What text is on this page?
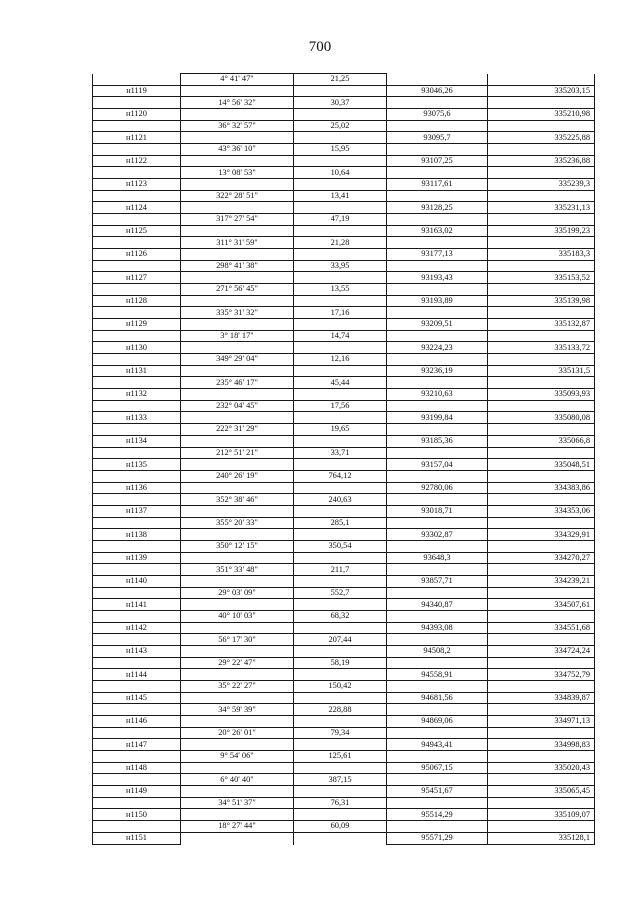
700
	4° 41' 47"	21,25		
н1119			93046,26	335203,15
	14° 56' 32"	30,37		
н1120			93075,6	335210,98
	36° 32' 57"	25,02		
н1121			93095,7	335225,88
	43° 36' 10"	15,95		
н1122			93107,25	335236,88
	13° 08' 53"	10,64		
н1123			93117,61	335239,3
	322° 28' 51"	13,41		
н1124			93128,25	335231,13
	317° 27' 54"	47,19		
н1125			93163,02	335199,23
	311° 31' 59"	21,28		
н1126			93177,13	335183,3
	298° 41' 38"	33,95		
н1127			93193,43	335153,52
	271° 56' 45"	13,55		
н1128			93193,89	335139,98
	335° 31' 32"	17,16		
н1129			93209,51	335132,87
	3° 18' 17"	14,74		
н1130			93224,23	335133,72
	349° 29' 04"	12,16		
н1131			93236,19	335131,5
	235° 46' 17"	45,44		
н1132			93210,63	335093,93
	232° 04' 45"	17,56		
н1133			93199,84	335080,08
	222° 31' 29"	19,65		
н1134			93185,36	335066,8
	212° 51' 21"	33,71		
н1135			93157,04	335048,51
	240° 26' 19"	764,12		
н1136			92780,06	334383,86
	352° 38' 46"	240,63		
н1137			93018,71	334353,06
	355° 20' 33"	285,1		
н1138			93302,87	334329,91
	350° 12' 15"	350,54		
н1139			93648,3	334270,27
	351° 33' 48"	211,7		
н1140			93857,71	334239,21
	29° 03' 09"	552,7		
н1141			94340,87	334507,61
	40° 10' 03"	68,32		
н1142			94393,08	334551,68
	56° 17' 30"	207,44		
н1143			94508,2	334724,24
	29° 22' 47"	58,19		
н1144			94558,91	334752,79
	35° 22' 27"	150,42		
н1145			94681,56	334839,87
	34° 59' 39"	228,88		
н1146			94869,06	334971,13
	20° 26' 01"	79,34		
н1147			94943,41	334998,83
	9° 54' 06"	125,61		
н1148			95067,15	335020,43
	6° 40' 40"	387,15		
н1149			95451,67	335065,45
	34° 51' 37"	76,31		
н1150			95514,29	335109,07
	18° 27' 44"	60,09		
н1151			95571,29	335128,1
